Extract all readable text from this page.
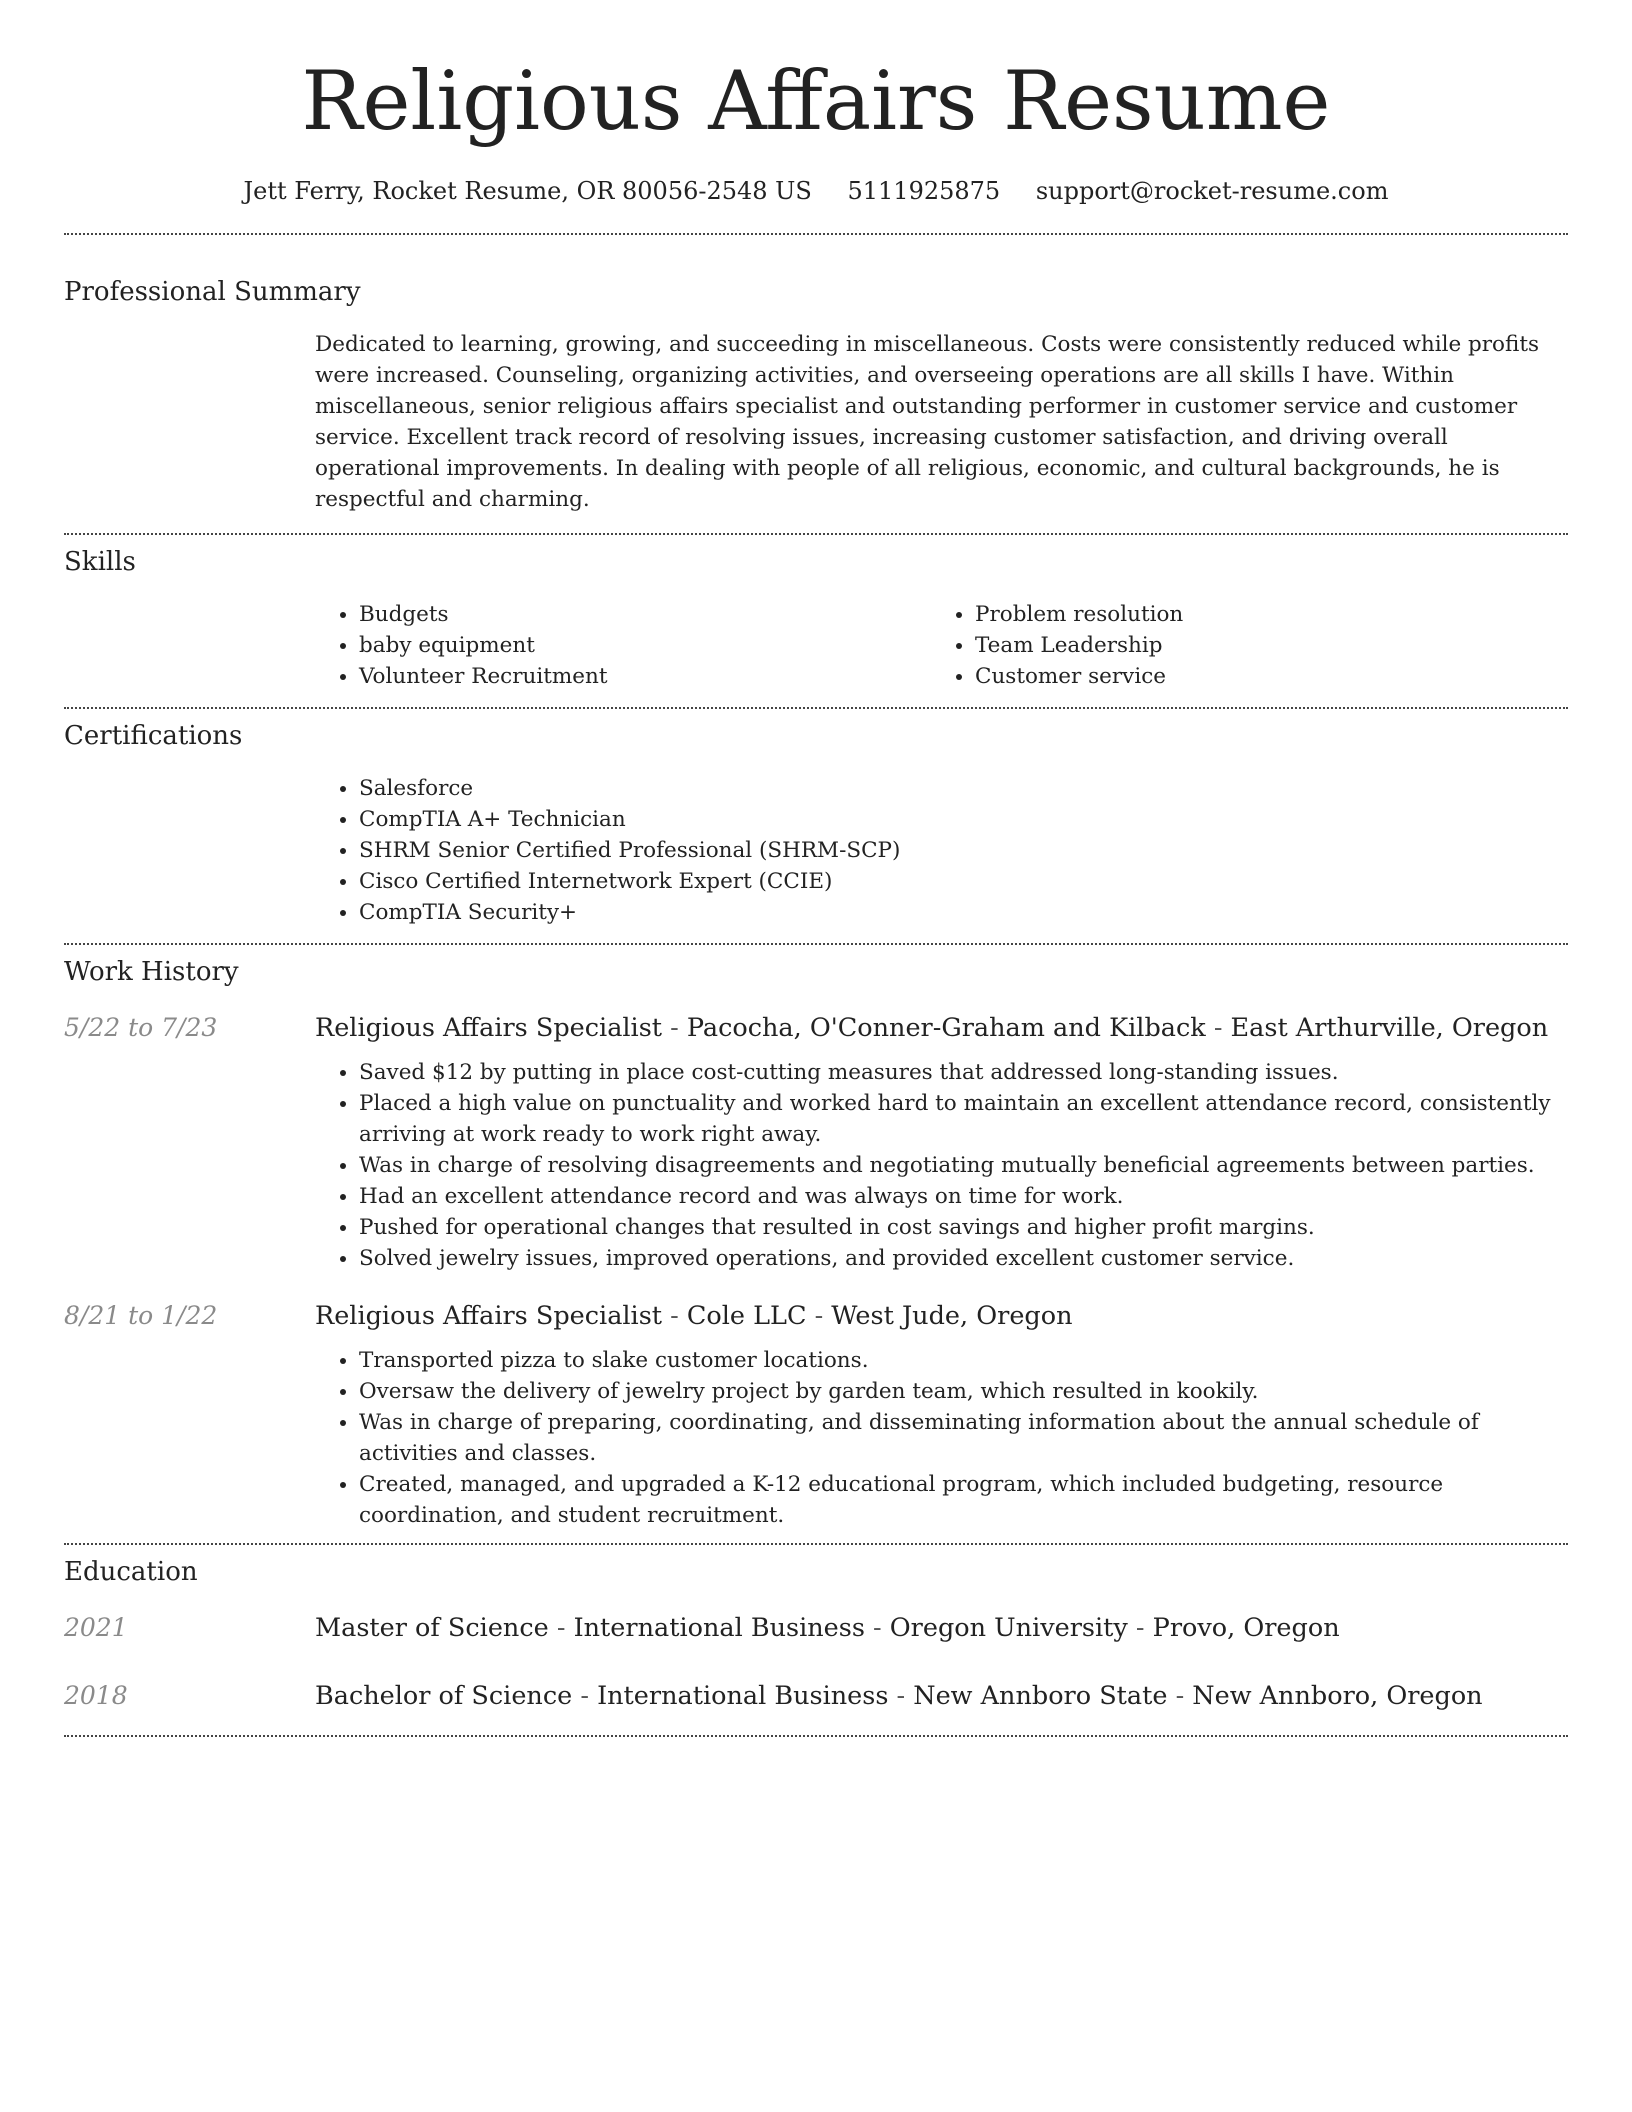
Religious Affairs Resume
Jett Ferry, Rocket Resume, OR 80056-2548 US 5111925875 support@rocket-resume.com
Professional Summary

Dedicated to learning, growing, and succeeding in miscellaneous. Costs were consistently reduced while profits were increased. Counseling, organizing activities, and overseeing operations are all skills I have. Within miscellaneous, senior religious affairs specialist and outstanding performer in customer service and customer service. Excellent track record of resolving issues, increasing customer satisfaction, and driving overall operational improvements. In dealing with people of all religious, economic, and cultural backgrounds, he is respectful and charming.

Skills
• Budgets
• baby equipment
• Volunteer Recruitment
• Problem resolution
• Team Leadership
• Customer service
Certifications
• Salesforce
• CompTIA A+ Technician
• SHRM Senior Certified Professional (SHRM-SCP)
• Cisco Certified Internetwork Expert (CCIE)
• CompTIA Security+
Work History
5/22 to 7/23	Religious Affairs Specialist - Pacocha, O'Conner-Graham and Kilback - East Arthurville, Oregon
• Saved $12 by putting in place cost-cutting measures that addressed long-standing issues.
• Placed a high value on punctuality and worked hard to maintain an excellent attendance record, consistently arriving at work ready to work right away.
• Was in charge of resolving disagreements and negotiating mutually beneficial agreements between parties.
• Had an excellent attendance record and was always on time for work.
• Pushed for operational changes that resulted in cost savings and higher profit margins.
• Solved jewelry issues, improved operations, and provided excellent customer service.
8/21 to 1/22	Religious Affairs Specialist - Cole LLC - West Jude, Oregon
• Transported pizza to slake customer locations.
• Oversaw the delivery of jewelry project by garden team, which resulted in kookily.
• Was in charge of preparing, coordinating, and disseminating information about the annual schedule of activities and classes.
• Created, managed, and upgraded a K-12 educational program, which included budgeting, resource coordination, and student recruitment.
Education
2021	Master of Science - International Business - Oregon University - Provo, Oregon
2018	Bachelor of Science - International Business - New Annboro State - New Annboro, Oregon
